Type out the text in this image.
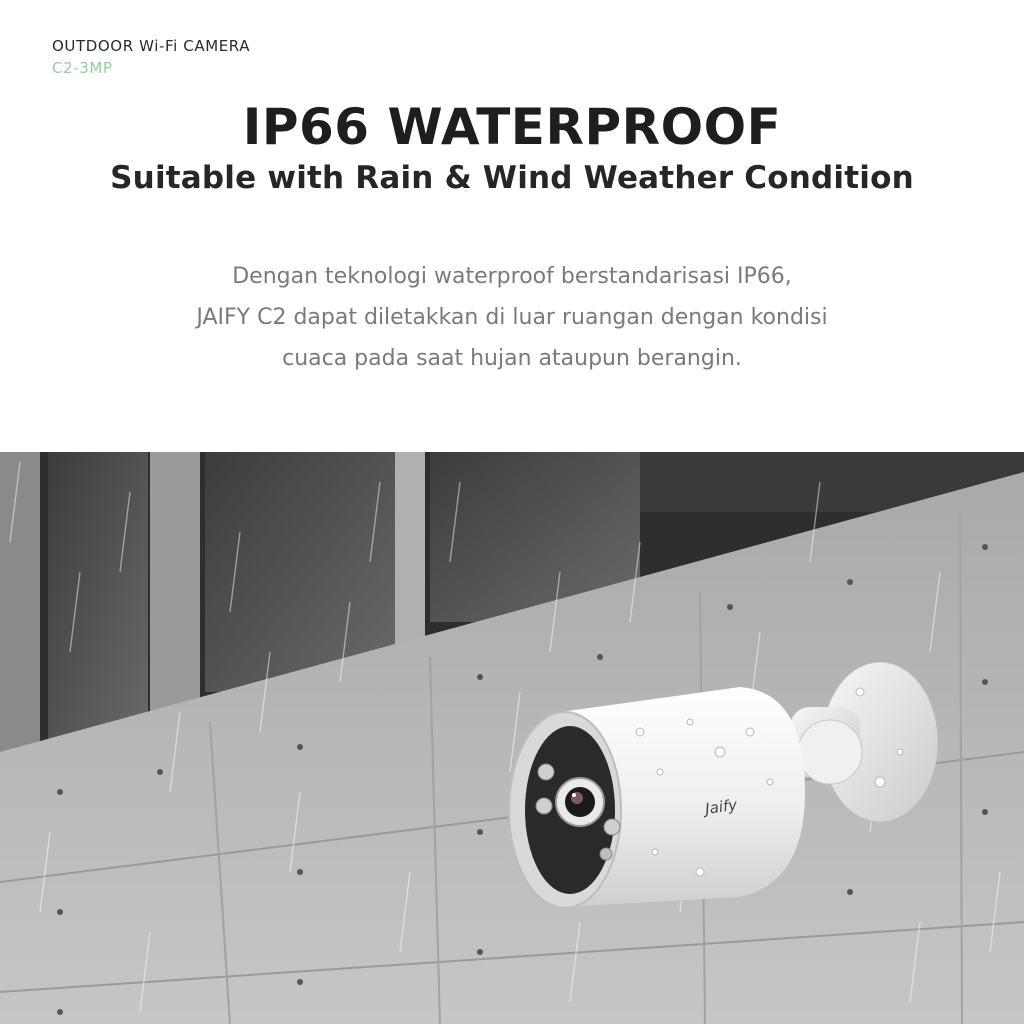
OUTDOOR Wi-Fi CAMERA
C2-3MP
IP66 WATERPROOF
Suitable with Rain & Wind Weather Condition
Dengan teknologi waterproof berstandarisasi IP66,
JAIFY C2 dapat diletakkan di luar ruangan dengan kondisi
cuaca pada saat hujan ataupun berangin.
Jaify
